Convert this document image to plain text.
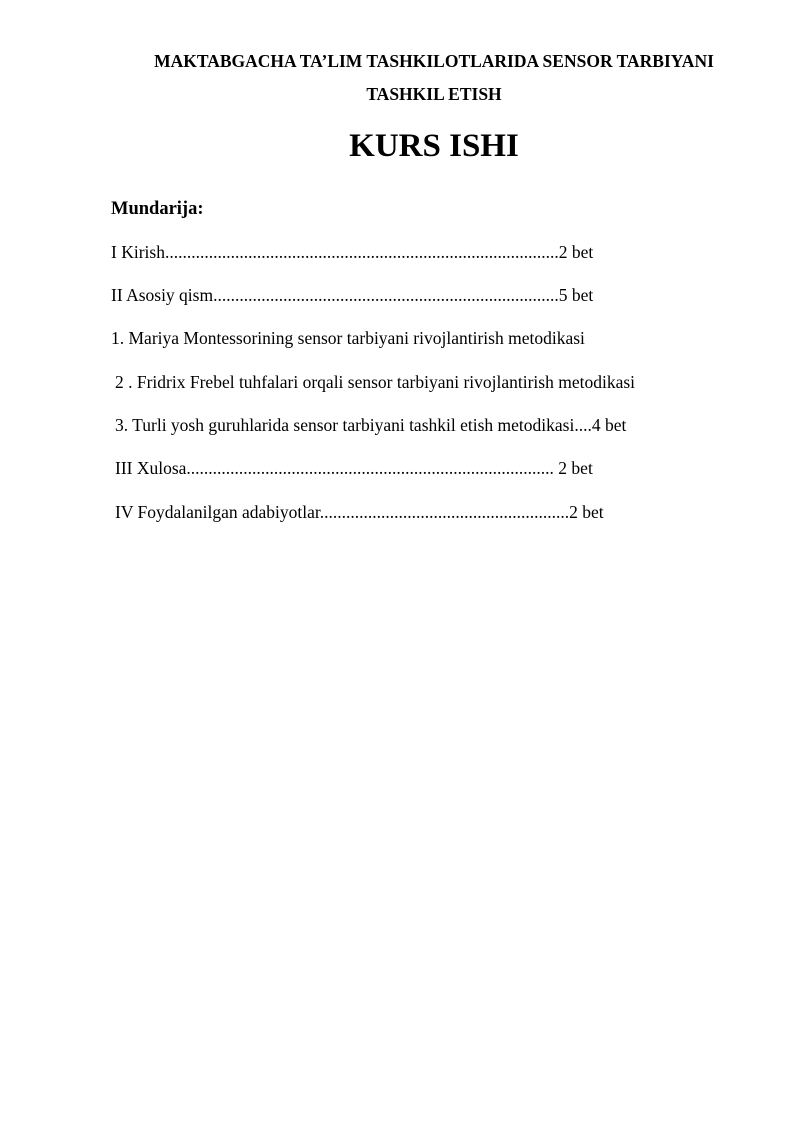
MAKTABGACHA TA’LIM TASHKILOTLARIDA SENSOR TARBIYANI
TASHKIL ETISH
KURS ISHI
Mundarija:
I Kirish..........................................................................................2 bet
II Asosiy qism...............................................................................5 bet
1. Mariya Montessorining sensor tarbiyani rivojlantirish metodikasi
2 . Fridrix Frebel tuhfalari orqali sensor tarbiyani rivojlantirish metodikasi
3. Turli yosh guruhlarida sensor tarbiyani tashkil etish metodikasi....4 bet
III Xulosa.................................................................................... 2 bet
IV Foydalanilgan adabiyotlar.........................................................2 bet
